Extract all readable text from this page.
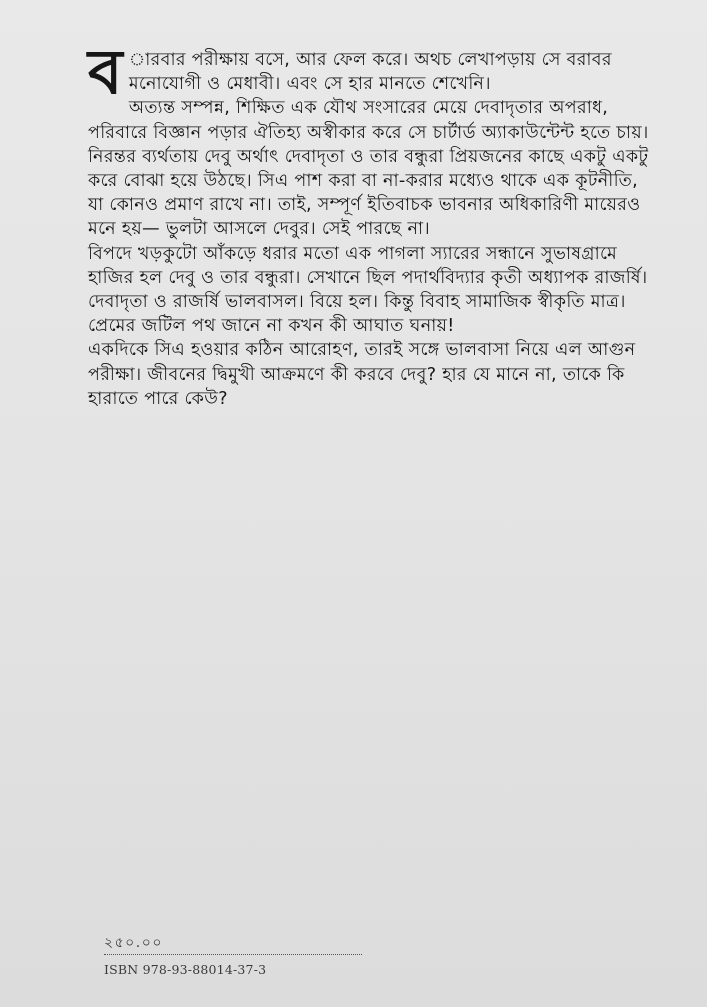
ব ারবার পরীক্ষায় বসে, আর ফেল করে। অথচ লেখাপড়ায় সে বরাবর মনোযোগী ও মেধাবী। এবং সে হার মানতে শেখেনি।

অত্যন্ত সম্পন্ন, শিক্ষিত এক যৌথ সংসারের মেয়ে দেবাদৃতার অপরাধ, পরিবারে বিজ্ঞান পড়ার ঐতিহ্য অস্বীকার করে সে চার্টার্ড অ্যাকাউন্টেন্ট হতে চায়।

নিরন্তর ব্যর্থতায় দেবু অর্থাৎ দেবাদৃতা ও তার বন্ধুরা প্রিয়জনের কাছে একটু একটু করে বোঝা হয়ে উঠছে। সিএ পাশ করা বা না-করার মধ্যেও থাকে এক কূটনীতি, যা কোনও প্রমাণ রাখে না। তাই, সম্পূর্ণ ইতিবাচক ভাবনার অধিকারিণী মায়েরও মনে হয়— ভুলটা আসলে দেবুর। সেই পারছে না।

বিপদে খড়কুটো আঁকড়ে ধরার মতো এক পাগলা স্যারের সন্ধানে সুভাষগ্রামে হাজির হল দেবু ও তার বন্ধুরা। সেখানে ছিল পদার্থবিদ্যার কৃতী অধ্যাপক রাজর্ষি। দেবাদৃতা ও রাজর্ষি ভালবাসল। বিয়ে হল। কিন্তু বিবাহ সামাজিক স্বীকৃতি মাত্র। প্রেমের জটিল পথ জানে না কখন কী আঘাত ঘনায়!

একদিকে সিএ হওয়ার কঠিন আরোহণ, তারই সঙ্গে ভালবাসা নিয়ে এল আগুন পরীক্ষা। জীবনের দ্বিমুখী আক্রমণে কী করবে দেবু? হার যে মানে না, তাকে কি হারাতে পারে কেউ?

২৫০.০০
ISBN 978-93-88014-37-3
